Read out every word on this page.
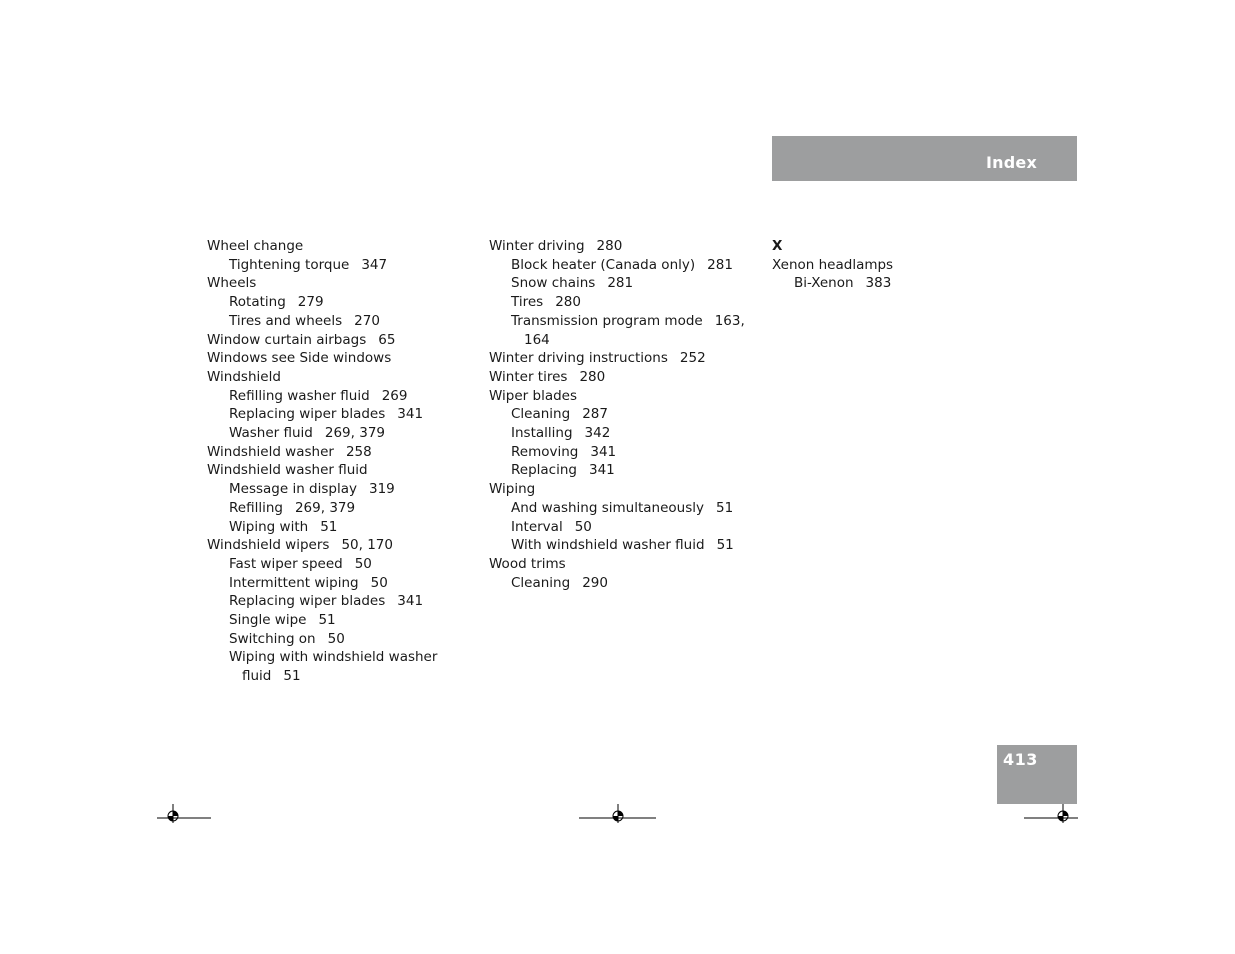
Index
Wheel change
Tightening torque 347
Wheels
Rotating 279
Tires and wheels 270
Window curtain airbags 65
Windows see Side windows
Windshield
Refilling washer fluid 269
Replacing wiper blades 341
Washer fluid 269, 379
Windshield washer 258
Windshield washer fluid
Message in display 319
Refilling 269, 379
Wiping with 51
Windshield wipers 50, 170
Fast wiper speed 50
Intermittent wiping 50
Replacing wiper blades 341
Single wipe 51
Switching on 50
Wiping with windshield washer
fluid 51
Winter driving 280
Block heater (Canada only) 281
Snow chains 281
Tires 280
Transmission program mode 163,
164
Winter driving instructions 252
Winter tires 280
Wiper blades
Cleaning 287
Installing 342
Removing 341
Replacing 341
Wiping
And washing simultaneously 51
Interval 50
With windshield washer fluid 51
Wood trims
Cleaning 290
X
Xenon headlamps
Bi-Xenon 383
413
